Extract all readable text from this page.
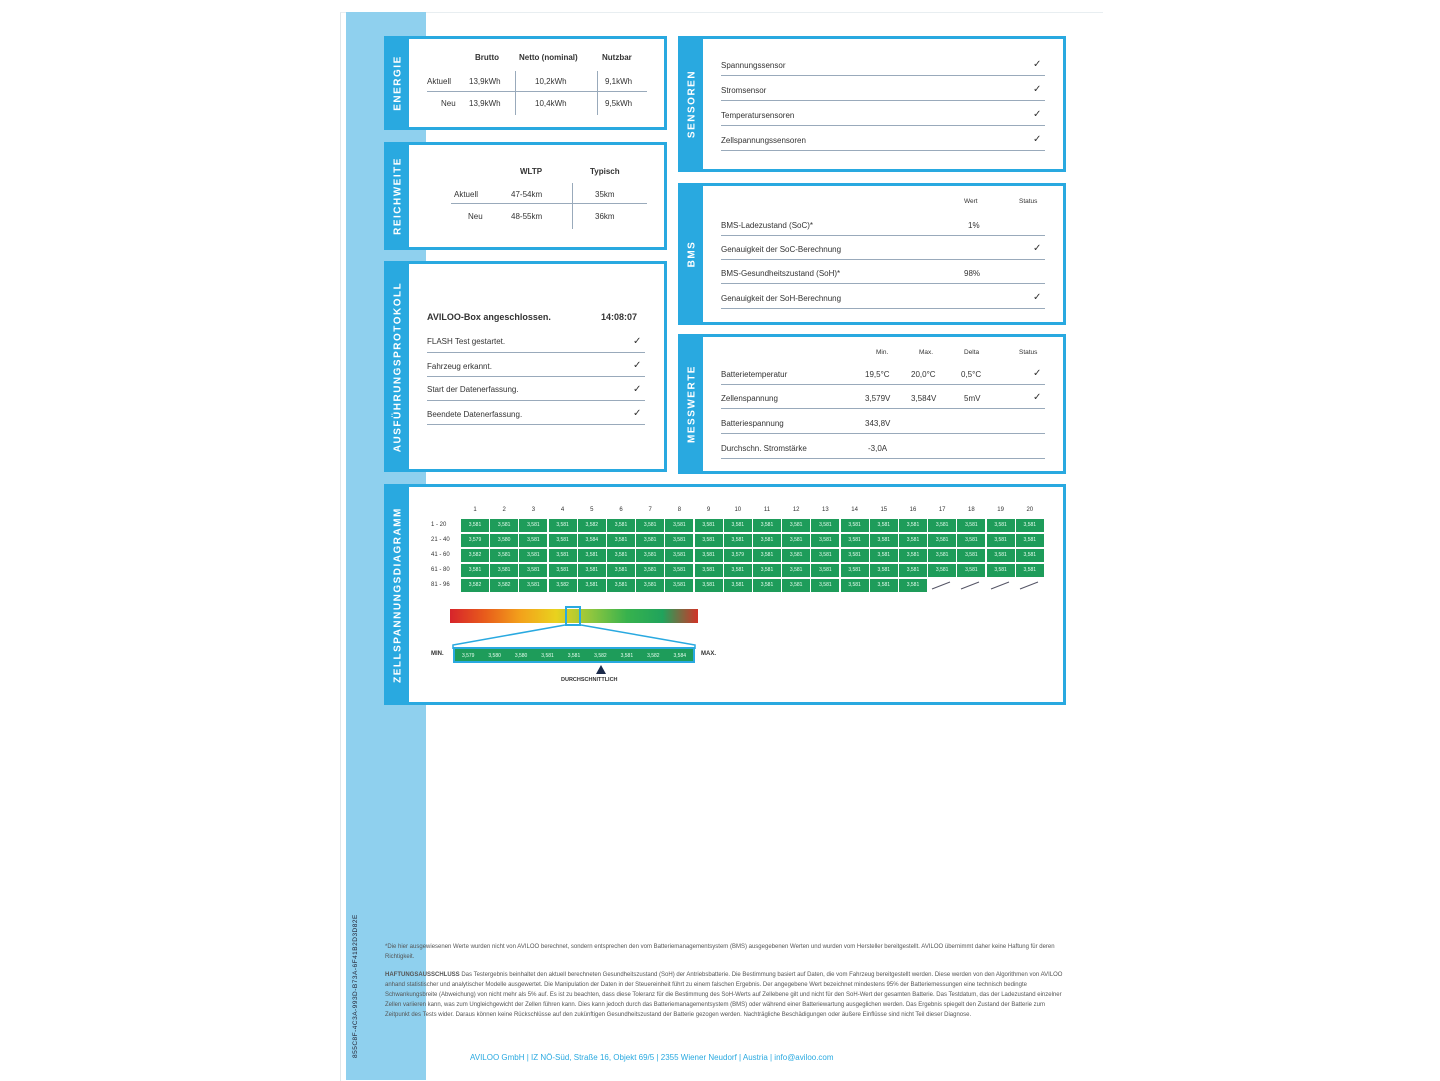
855C8F-4C3A-993D-B73A-6F41B2D3D82E
ENERGIE	Brutto	Netto (nominal)	Nutzbar
Aktuell 13,9kWh	10,2kWh	9,1kWh
Neu 13,9kWh	10,4kWh	9,5kWh
REICHWEITE	WLTP	Typisch
Aktuell	47-54km	35km
Neu	48-55km	36km
AUSFÜHRUNGSPROTOKOLL	AVILOO-Box angeschlossen.	14:08:07
FLASH Test gestartet.	✓
Fahrzeug erkannt.	✓
Start der Datenerfassung.	✓
Beendete Datenerfassung.	✓
SENSOREN
Spannungssensor	✓
Stromsensor	✓
Temperatursensoren	✓
Zellspannungssensoren	✓
BMS
Wert	Status
BMS-Ladezustand (SoC)*	1%
Genauigkeit der SoC-Berechnung	✓
BMS-Gesundheitszustand (SoH)*	98%
Genauigkeit der SoH-Berechnung	✓
MESSWERTE
Min.	Max.	Delta	Status
Batterietemperatur	19,5°C	20,0°C	0,5°C	✓
Zellenspannung	3,579V	3,584V	5mV	✓
Batteriespannung	343,8V
Durchschn. Stromstärke	-3,0A
ZELLSPANNUNGSDIAGRAMM	1	2	3	4	5	6	7	8	9	10	11	12	13	14	15	16	17	18	19	20
1 - 20	3,581	3,581	3,581	3,581	3,582	3,581	3,581	3,581	3,581	3,581	3,581	3,581	3,581	3,581	3,581	3,581	3,581	3,581	3,581	3,581
21 - 40	3,579	3,580	3,581	3,581	3,584	3,581	3,581	3,581	3,581	3,581	3,581	3,581	3,581	3,581	3,581	3,581	3,581	3,581	3,581	3,581
41 - 60	3,582	3,581	3,581	3,581	3,581	3,581	3,581	3,581	3,581	3,579	3,581	3,581	3,581	3,581	3,581	3,581	3,581	3,581	3,581	3,581
61 - 80	3,581	3,581	3,581	3,581	3,581	3,581	3,581	3,581	3,581	3,581	3,581	3,581	3,581	3,581	3,581	3,581	3,581	3,581	3,581	3,581
81 - 96	3,582	3,582	3,581	3,582	3,581	3,581	3,581	3,581	3,581	3,581	3,581	3,581	3,581	3,581	3,581	3,581
MIN.	MAX.
3,579	3,580	3,580	3,581	3,581	3,582	3,581	3,582	3,584
DURCHSCHNITTLICH
*Die hier ausgewiesenen Werte wurden nicht von AVILOO berechnet, sondern entsprechen den vom Batteriemanagementsystem (BMS) ausgegebenen Werten und wurden vom Hersteller bereitgestellt. AVILOO übernimmt daher keine Haftung für deren Richtigkeit.
HAFTUNGSAUSSCHLUSS Das Testergebnis beinhaltet den aktuell berechneten Gesundheitszustand (SoH) der Antriebsbatterie. Die Bestimmung basiert auf Daten, die vom Fahrzeug bereitgestellt werden. Diese werden von den Algorithmen von AVILOO anhand statistischer und analytischer Modelle ausgewertet. Die Manipulation der Daten in der Steuereinheit führt zu einem falschen Ergebnis. Der angegebene Wert bezeichnet mindestens 95% der Batteriemessungen eine technisch bedingte Schwankungsbreite (Abweichung) von nicht mehr als 5% auf. Es ist zu beachten, dass diese Toleranz für die Bestimmung des SoH-Werts auf Zellebene gilt und nicht für den SoH-Wert der gesamten Batterie. Das Testdatum, das der Ladezustand einzelner Zellen variieren kann, was zum Ungleichgewicht der Zellen führen kann. Dies kann jedoch durch das Batteriemanagementsystem (BMS) oder während einer Batteriewartung ausgeglichen werden. Das Ergebnis spiegelt den Zustand der Batterie zum Zeitpunkt des Tests wider. Daraus können keine Rückschlüsse auf den zukünftigen Gesundheitszustand der Batterie gezogen werden. Nachträgliche Beschädigungen oder äußere Einflüsse sind nicht Teil dieser Diagnose.
AVILOO GmbH | IZ NÖ-Süd, Straße 16, Objekt 69/5 | 2355 Wiener Neudorf | Austria | info@aviloo.com
